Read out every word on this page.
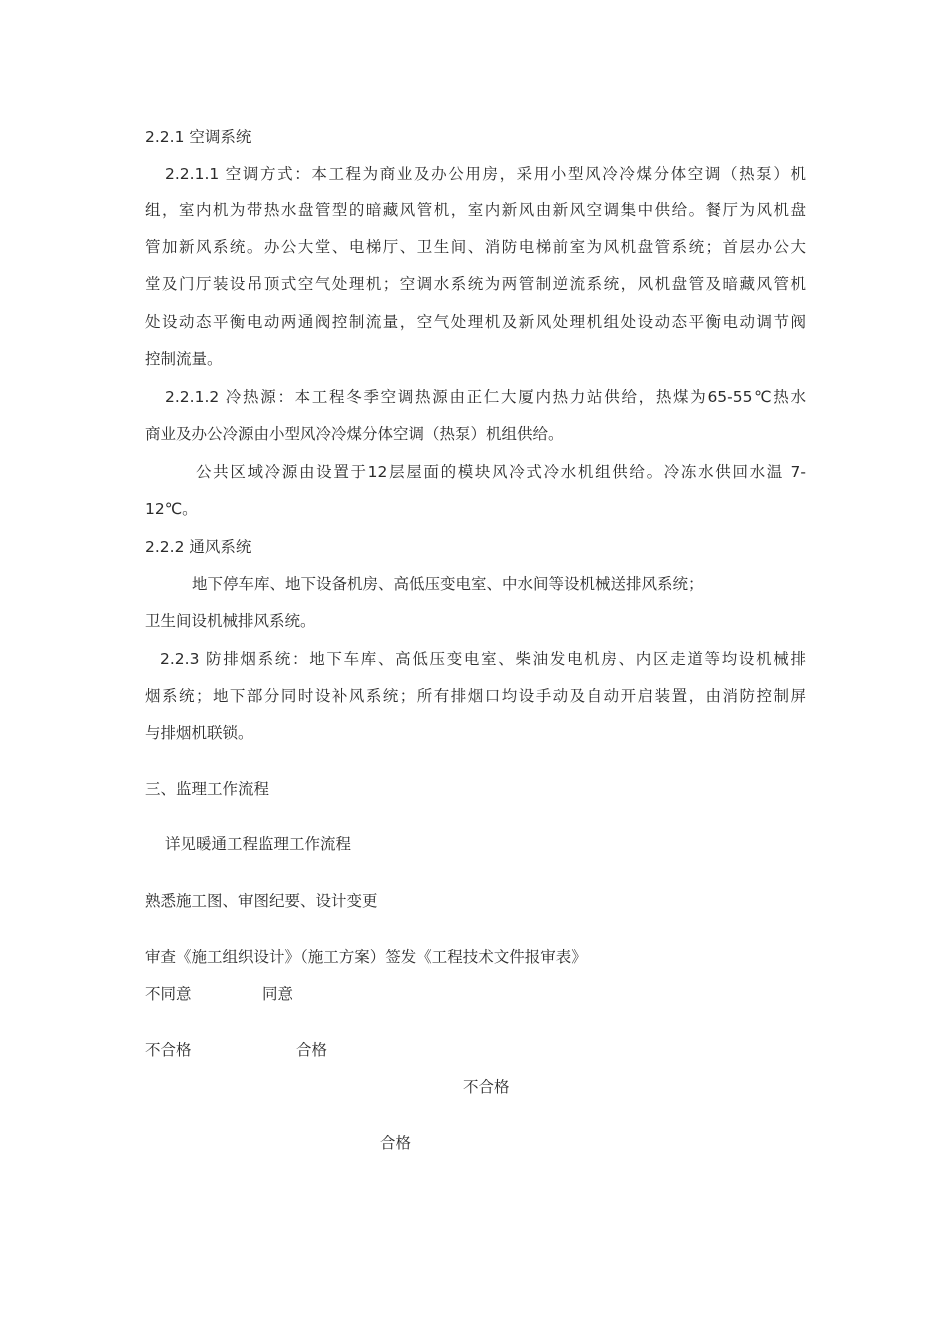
2.2.1 空调系统
2.2.1.1 空调方式：本工程为商业及办公用房，采用小型风冷冷煤分体空调（热泵）机
组，室内机为带热水盘管型的暗藏风管机，室内新风由新风空调集中供给。餐厅为风机盘
管加新风系统。办公大堂、电梯厅、卫生间、消防电梯前室为风机盘管系统；首层办公大
堂及门厅装设吊顶式空气处理机；空调水系统为两管制逆流系统，风机盘管及暗藏风管机
处设动态平衡电动两通阀控制流量，空气处理机及新风处理机组处设动态平衡电动调节阀
控制流量。
2.2.1.2 冷热源：本工程冬季空调热源由正仁大厦内热力站供给，热煤为65-55℃热水
商业及办公冷源由小型风冷冷煤分体空调（热泵）机组供给。
公共区域冷源由设置于12层屋面的模块风冷式冷水机组供给。冷冻水供回水温 7-
12℃。
2.2.2 通风系统
地下停车库、地下设备机房、高低压变电室、中水间等设机械送排风系统；
卫生间设机械排风系统。
2.2.3 防排烟系统：地下车库、高低压变电室、柴油发电机房、内区走道等均设机械排
烟系统；地下部分同时设补风系统；所有排烟口均设手动及自动开启装置，由消防控制屏
与排烟机联锁。
三、监理工作流程
详见暖通工程监理工作流程
熟悉施工图、审图纪要、设计变更
审查《施工组织设计》（施工方案）签发《工程技术文件报审表》
不同意	同意
不合格	合格
不合格
合格
